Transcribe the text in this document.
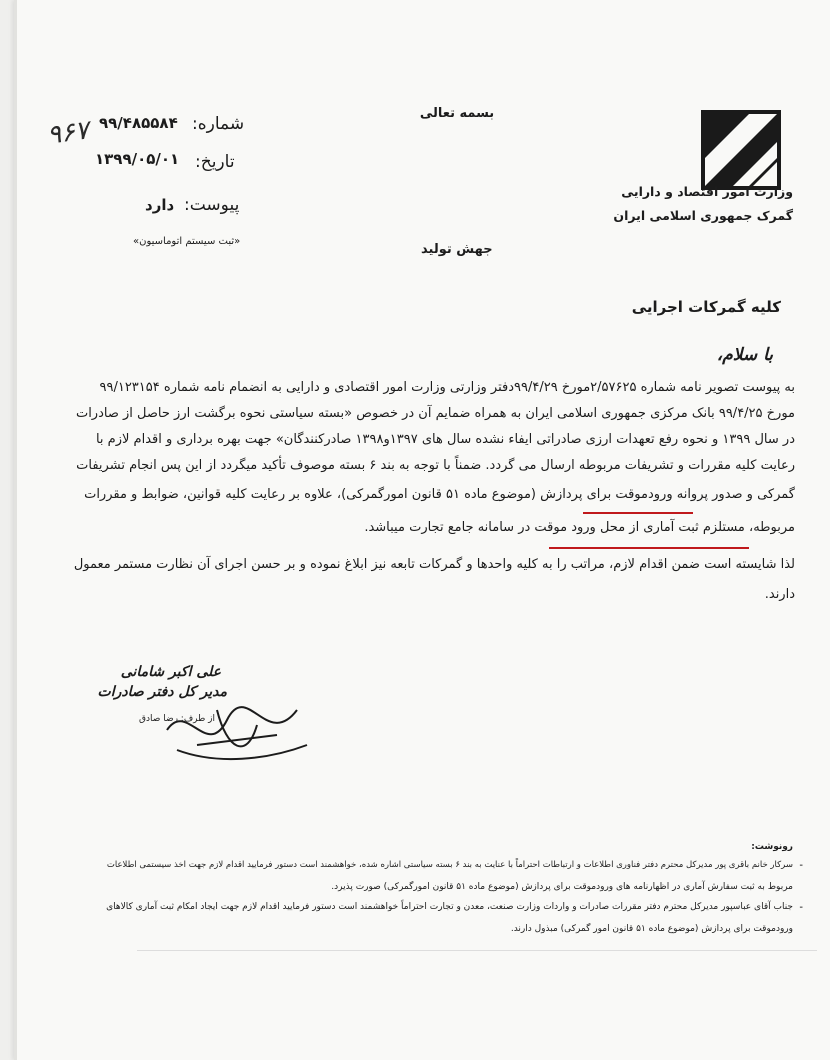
وزارت امور اقتصاد و دارایی
گمرک جمهوری اسلامی ایران
بسمه تعالی
۹۶۷	شماره:
۹۹/۴۸۵۵۸۴
تاریخ:
۱۳۹۹/۰۵/۰۱
پیوست:
دارد
«ثبت سیستم اتوماسیون»
جهش تولید
کلیه گمرکات اجرایی
با سلام،
به پیوست تصویر نامه شماره ۲/۵۷۶۲۵مورخ ۹۹/۴/۲۹دفتر وزارتی وزارت امور اقتصادی و دارایی به انضمام نامه شماره ۹۹/۱۲۳۱۵۴
مورخ ۹۹/۴/۲۵ بانک مرکزی جمهوری اسلامی ایران به همراه ضمایم آن در خصوص «بسته سیاستی نحوه برگشت ارز حاصل از صادرات
در سال ۱۳۹۹ و نحوه رفع تعهدات ارزی صادراتی ایفاء نشده سال های ۱۳۹۷و۱۳۹۸ صادرکنندگان» جهت بهره برداری و اقدام لازم با
رعایت کلیه مقررات و تشریفات مربوطه ارسال می گردد. ضمناً با توجه به بند ۶ بسته موصوف تأکید میگردد از این پس انجام تشریفات
گمرکی و صدور پروانه ورودموقت برای پردازش (موضوع ماده ۵۱ قانون امورگمرکی)، علاوه بر رعایت کلیه قوانین، ضوابط و مقررات
مربوطه، مستلزم ثبت آماری از محل ورود موقت در سامانه جامع تجارت میباشد.
لذا شایسته است ضمن اقدام لازم، مراتب را به کلیه واحدها و گمرکات تابعه نیز ابلاغ نموده و بر حسن اجرای آن نظارت مستمر معمول
دارند.
علی اکبر شامانی
مدیر کل دفتر صادرات
از طرف: رضا صادق
رونوشت:
-
-
سرکار خانم باقری پور مدیرکل محترم دفتر فناوری اطلاعات و ارتباطات احتراماً با عنایت به بند ۶ بسته سیاستی اشاره شده، خواهشمند است دستور فرمایید اقدام لازم جهت اخذ سیستمی اطلاعات
مربوط به ثبت سفارش آماری در اظهارنامه های ورودموقت برای پردازش (موضوع ماده ۵۱ قانون امورگمرکی) صورت پذیرد.
جناب آقای عباسپور مدیرکل محترم دفتر مقررات صادرات و واردات وزارت صنعت، معدن و تجارت احتراماً خواهشمند است دستور فرمایید اقدام لازم جهت ایجاد امکام ثبت آماری کالاهای
ورودموقت برای پردازش (موضوع ماده ۵۱ قانون امور گمرکی) مبذول دارند.
